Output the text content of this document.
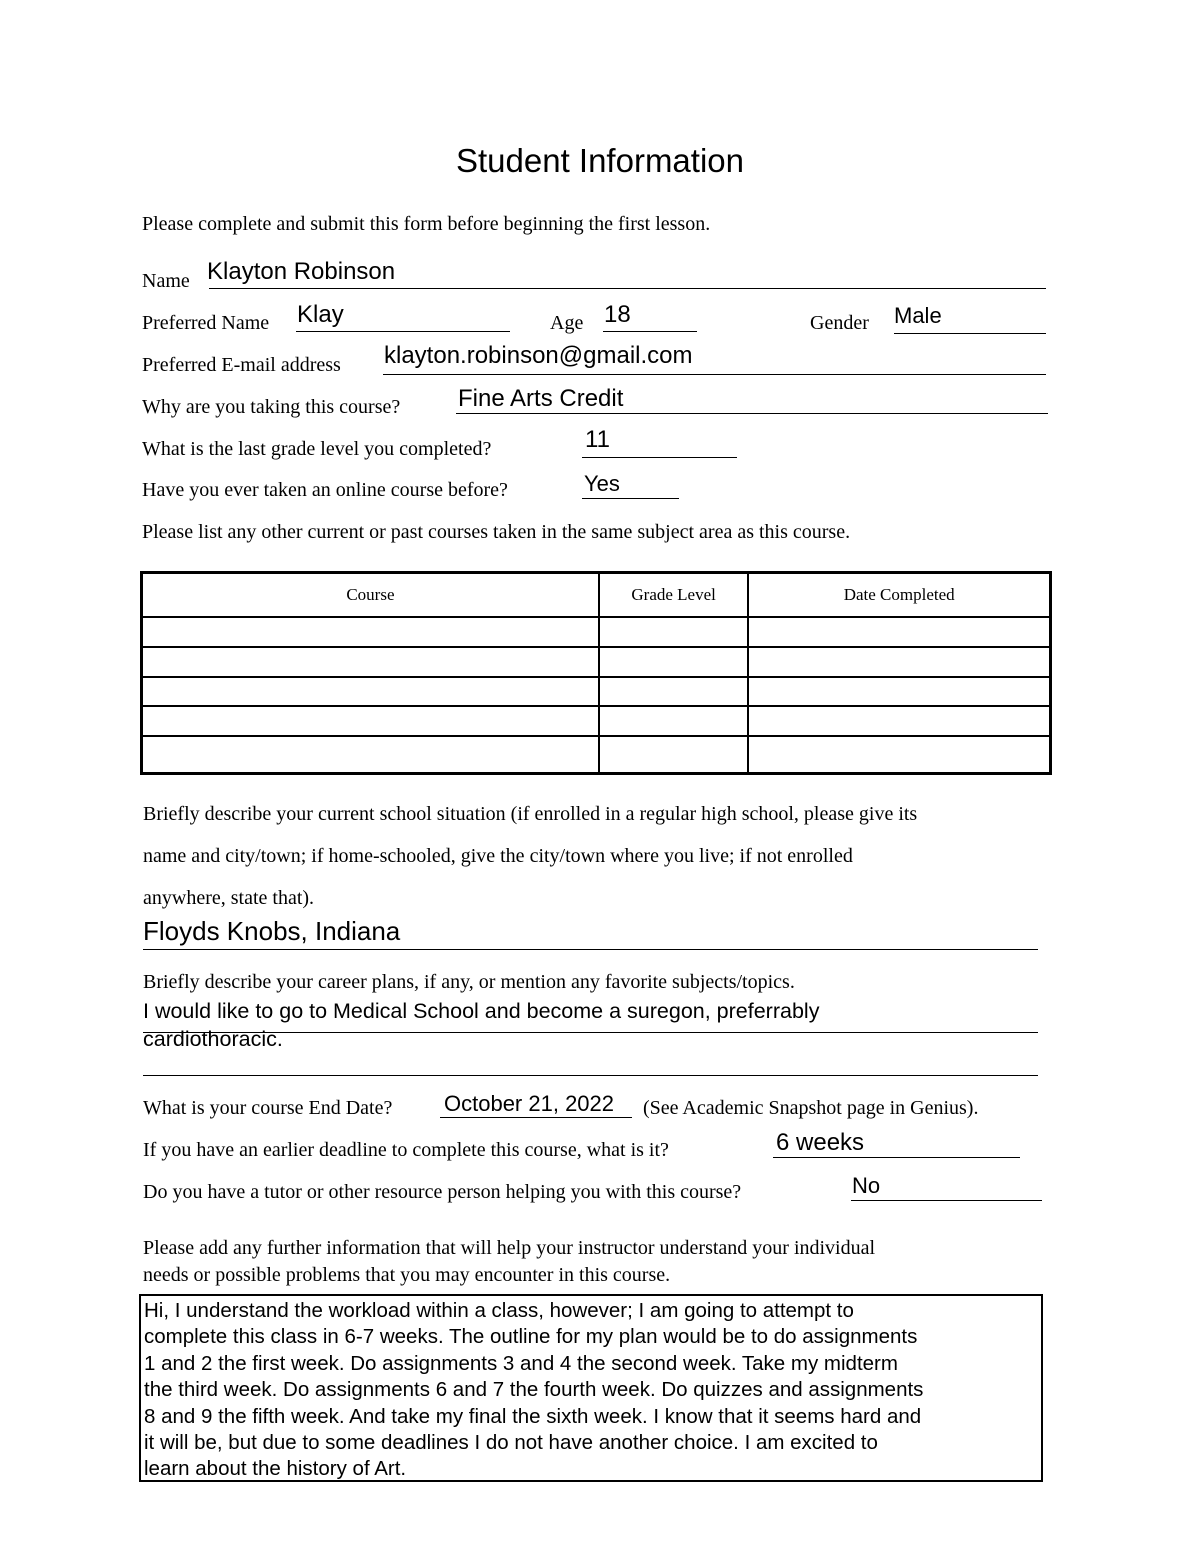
Student Information
Please complete and submit this form before beginning the first lesson.
Name Klayton Robinson
Preferred Name Klay	Age 18	Gender Male
Preferred E-mail address klayton.robinson@gmail.com
Why are you taking this course? Fine Arts Credit
What is the last grade level you completed?	11
Have you ever taken an online course before?	Yes
Please list any other current or past courses taken in the same subject area as this course.
Course	Grade Level	Date Completed

Briefly describe your current school situation (if enrolled in a regular high school, please give its
name and city/town; if home-schooled, give the city/town where you live; if not enrolled
anywhere, state that).
Floyds Knobs, Indiana
Briefly describe your career plans, if any, or mention any favorite subjects/topics.
I would like to go to Medical School and become a suregon, preferrably
cardiothoracic.
What is your course End Date? October 21, 2022 (See Academic Snapshot page in Genius).
If you have an earlier deadline to complete this course, what is it?	6 weeks
Do you have a tutor or other resource person helping you with this course?	No
Please add any further information that will help your instructor understand your individual
needs or possible problems that you may encounter in this course.
Hi, I understand the workload within a class, however; I am going to attempt to
complete this class in 6-7 weeks. The outline for my plan would be to do assignments
1 and 2 the first week. Do assignments 3 and 4 the second week. Take my midterm
the third week. Do assignments 6 and 7 the fourth week. Do quizzes and assignments
8 and 9 the fifth week. And take my final the sixth week. I know that it seems hard and
it will be, but due to some deadlines I do not have another choice. I am excited to
learn about the history of Art.
